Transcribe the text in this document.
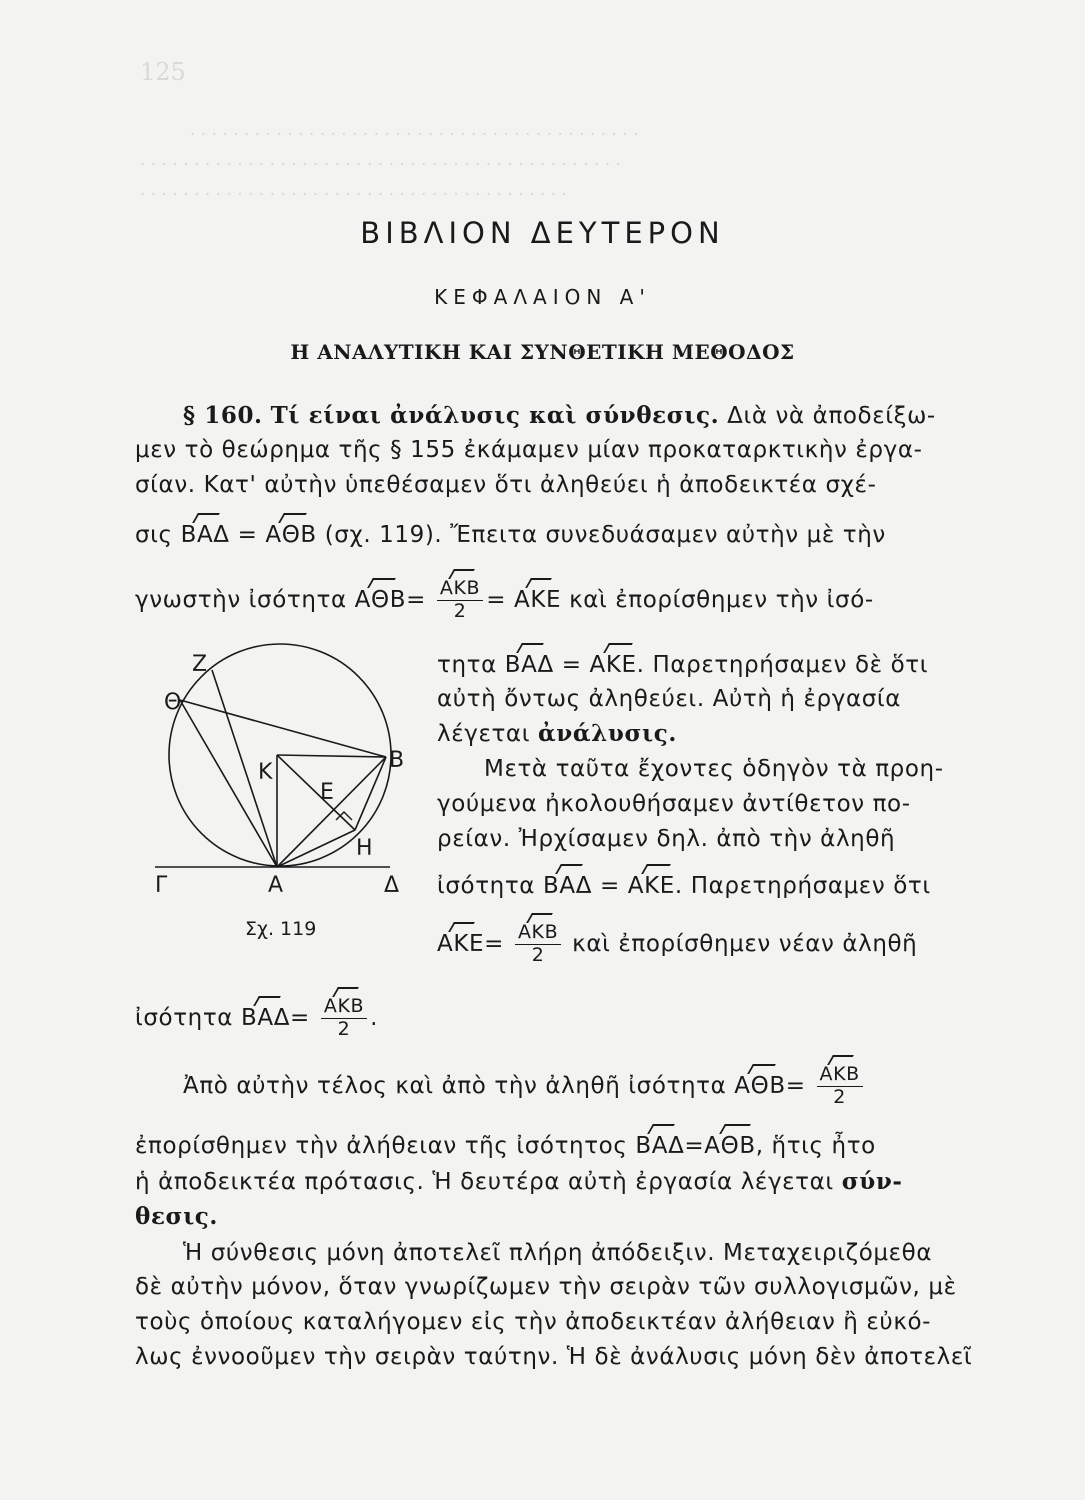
125
· · · · · · · · · · · · · · · · · · · · · · · · · · · · · · · · · · · · · · · · · ·
· · · · · · · · · · · · · · · · · · · · · · · · · · · · · · · · · · · · · · · · · · · · ·
· · · · · · · · · · · · · · · · · · · · · · · · · · · · · · · · · · · · · · · ·
ΒΙΒΛΙΟΝ ΔΕΥΤΕΡΟΝ
ΚΕΦΑΛΑΙΟΝ Α'
Η ΑΝΑΛΥΤΙΚΗ ΚΑΙ ΣΥΝΘΕΤΙΚΗ ΜΕΘΟΔΟΣ
§ 160. Τί είναι ἀνάλυσις καὶ σύνθεσις. Διὰ νὰ ἀποδείξω-
μεν τὸ θεώρημα τῆς § 155 ἐκάμαμεν μίαν προκαταρκτικὴν ἐργα-
σίαν. Κατ' αὐτὴν ὑπεθέσαμεν ὅτι ἀληθεύει ἡ ἀποδεικτέα σχέ-
σις ΒΑΔ = ΑΘΒ (σχ. 119). Ἔπειτα συνεδυάσαμεν αὐτὴν μὲ τὴν
γνωστὴν ἰσότητα $A\Theta B= \frac{\text{ΑΚΒ}}{2} = AKE$ καὶ ἐπορίσθημεν τὴν ἰσό-
Ζ
Θ
Κ	Β
Ε
Η
Γ	Α	Δ
Σχ. 119
τητα ΒΑΔ = ΑΚΕ. Παρετηρήσαμεν δὲ ὅτι
αὐτὴ ὄντως ἀληθεύει. Αὐτὴ ἡ ἐργασία
λέγεται ἀνάλυσις.
Μετὰ ταῦτα ἔχοντες ὁδηγὸν τὰ προη-
γούμενα ἠκολουθήσαμεν ἀντίθετον πο-
ρείαν. Ἠρχίσαμεν δηλ. ἀπὸ τὴν ἀληθῆ
ἰσότητα ΒΑΔ = ΑΚΕ. Παρετηρήσαμεν ὅτι
$AKE= \frac{\text{ΑΚΒ}}{2}$ καὶ ἐπορίσθημεν νέαν ἀληθῆ
ἰσότητα $BA\Delta= \frac{\text{ΑΚΒ}}{2}$ .
Ἀπὸ αὐτὴν τέλος καὶ ἀπὸ τὴν ἀληθῆ ἰσότητα $A\Theta B= \frac{\text{ΑΚΒ}}{2}$
ἐπορίσθημεν τὴν ἀλήθειαν τῆς ἰσότητος ΒΑΔ=ΑΘΒ, ἥτις ἦτο
ἡ ἀποδεικτέα πρότασις. Ἡ δευτέρα αὐτὴ ἐργασία λέγεται σύν-
θεσις.
Ἡ σύνθεσις μόνη ἀποτελεῖ πλήρη ἀπόδειξιν. Μεταχειριζόμεθα
δὲ αὐτὴν μόνον, ὅταν γνωρίζωμεν τὴν σειρὰν τῶν συλλογισμῶν, μὲ
τοὺς ὁποίους καταλήγομεν εἰς τὴν ἀποδεικτέαν ἀλήθειαν ἢ εὐκό-
λως ἐννοοῦμεν τὴν σειρὰν ταύτην. Ἡ δὲ ἀνάλυσις μόνη δὲν ἀποτελεῖ
